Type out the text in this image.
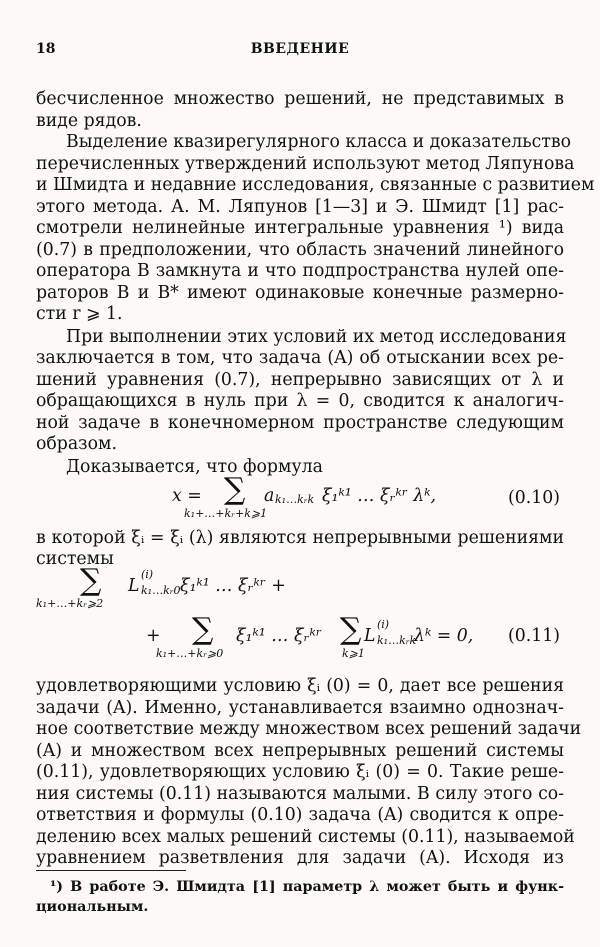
18	ВВЕДЕНИЕ
бесчисленное множество решений, не представимых в
виде рядов.
Выделение квазирегулярного класса и доказательство
перечисленных утверждений используют метод Ляпунова
и Шмидта и недавние исследования, связанные с развитием
этого метода. А. М. Ляпунов [1—3] и Э. Шмидт [1] рас-
смотрели нелинейные интегральные уравнения ¹) вида
(0.7) в предположении, что область значений линейного
оператора B замкнута и что подпространства нулей опе-
раторов B и B* имеют одинаковые конечные размерно-
сти r ⩾ 1.
При выполнении этих условий их метод исследования
заключается в том, что задача (A) об отыскании всех ре-
шений уравнения (0.7), непрерывно зависящих от λ и
обращающихся в нуль при λ = 0, сводится к аналогич-
ной задаче в конечномерном пространстве следующим
образом.
Доказывается, что формула
x = ∑
k₁+…+kᵣ+k⩾1
a k₁…kᵣk ξ₁ᵏ¹ … ξᵣᵏʳ λᵏ,	(0.10)
в которой ξᵢ = ξᵢ (λ) являются непрерывными решениями
системы
∑
k₁+…+kᵣ⩾2
L
(i)
k₁…kᵣ0 ξ₁ᵏ¹ … ξᵣᵏʳ +
+ ∑
k₁+…+kᵣ⩾0
ξ₁ᵏ¹ … ξᵣᵏʳ ∑
k⩾1
L
(i)
k₁…kᵣk
λᵏ = 0, (0.11)
удовлетворяющими условию ξᵢ (0) = 0, дает все решения
задачи (A). Именно, устанавливается взаимно однознач-
ное соответствие между множеством всех решений задачи
(A) и множеством всех непрерывных решений системы
(0.11), удовлетворяющих условию ξᵢ (0) = 0. Такие реше-
ния системы (0.11) называются малыми. В силу этого со-
ответствия и формулы (0.10) задача (A) сводится к опре-
делению всех малых решений системы (0.11), называемой
уравнением разветвления для задачи (A). Исходя из
¹) В работе Э. Шмидта [1] параметр λ может быть и функ-
циональным.
